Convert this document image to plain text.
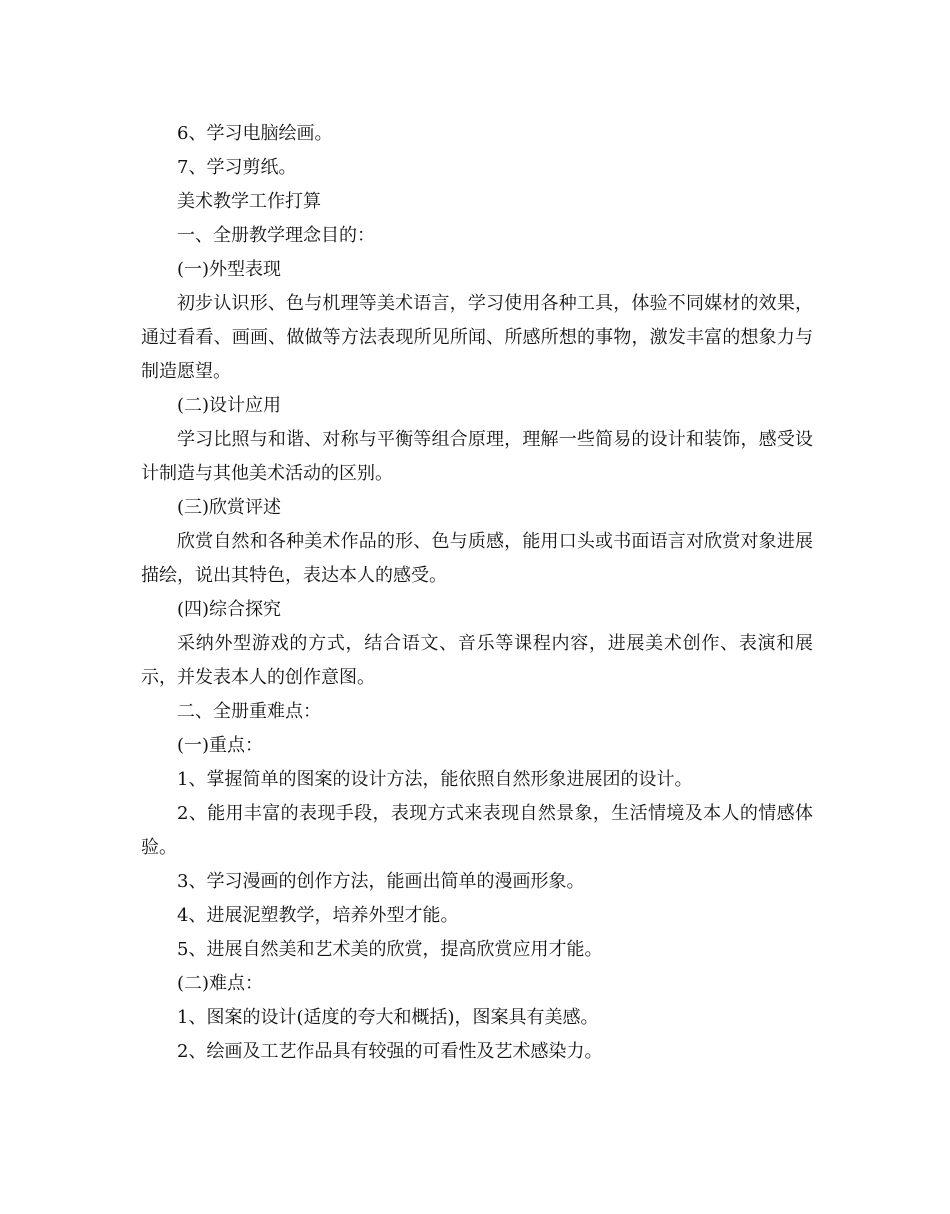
6、学习电脑绘画。

7、学习剪纸。

美术教学工作打算

一、全册教学理念目的：

(一)外型表现

初步认识形、色与机理等美术语言，学习使用各种工具，体验不同媒材的效果，通过看看、画画、做做等方法表现所见所闻、所感所想的事物，激发丰富的想象力与制造愿望。

(二)设计应用

学习比照与和谐、对称与平衡等组合原理，理解一些简易的设计和装饰，感受设计制造与其他美术活动的区别。

(三)欣赏评述

欣赏自然和各种美术作品的形、色与质感，能用口头或书面语言对欣赏对象进展描绘，说出其特色，表达本人的感受。

(四)综合探究

采纳外型游戏的方式，结合语文、音乐等课程内容，进展美术创作、表演和展示，并发表本人的创作意图。

二、全册重难点：

(一)重点：

1、掌握简单的图案的设计方法，能依照自然形象进展团的设计。

2、能用丰富的表现手段，表现方式来表现自然景象，生活情境及本人的情感体验。

3、学习漫画的创作方法，能画出简单的漫画形象。

4、进展泥塑教学，培养外型才能。

5、进展自然美和艺术美的欣赏，提高欣赏应用才能。

(二)难点：

1、图案的设计(适度的夸大和概括)，图案具有美感。

2、绘画及工艺作品具有较强的可看性及艺术感染力。
